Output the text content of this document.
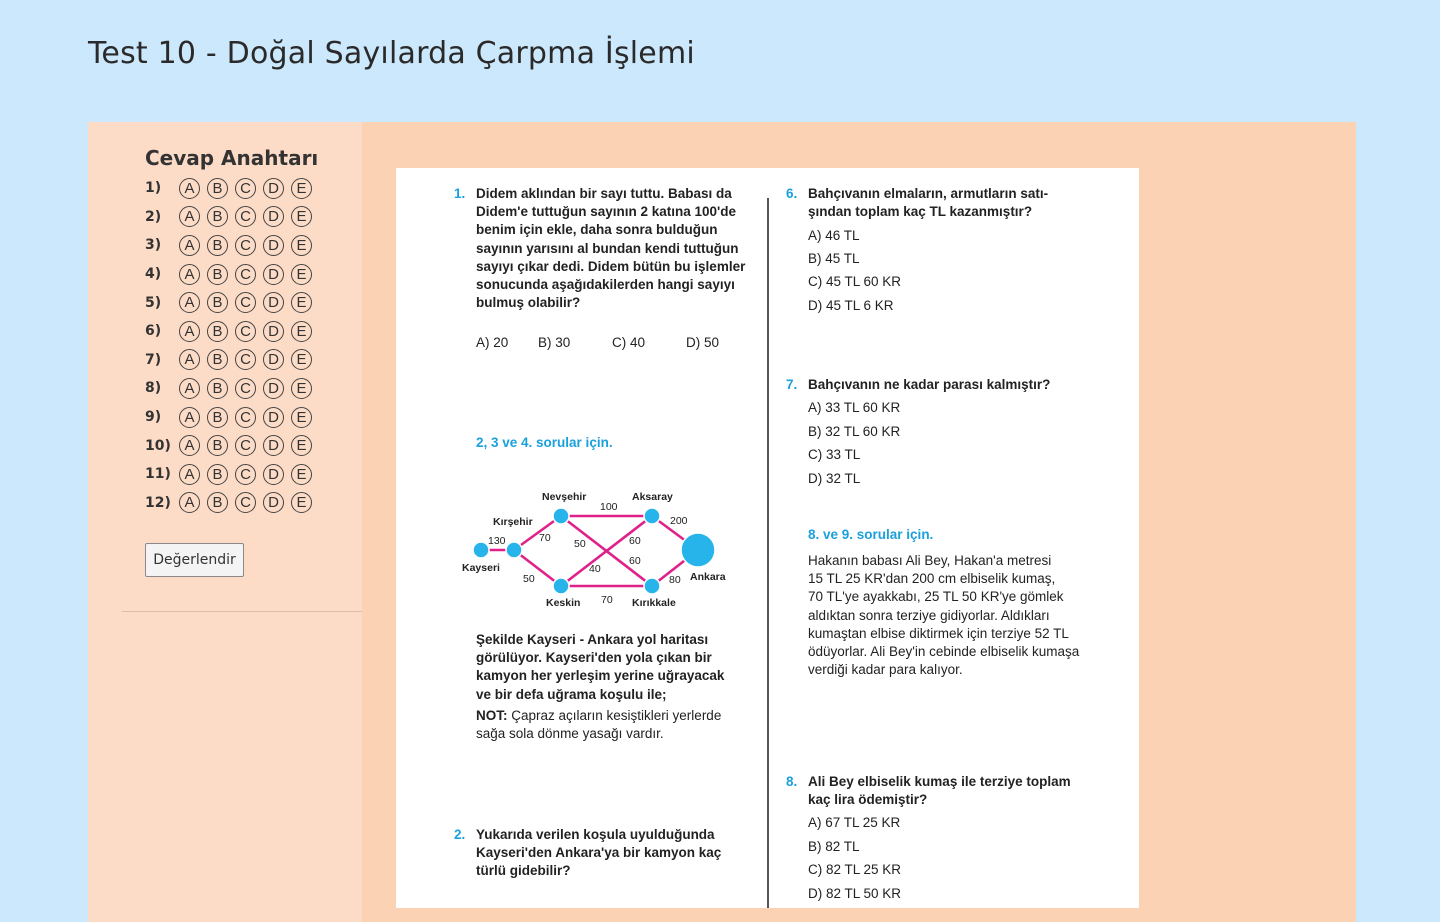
Test 10 - Doğal Sayılarda Çarpma İşlemi
Cevap Anahtarı
1)	A	B	C	D	E
2)	A	B	C	D	E
3)	A	B	C	D	E
4)	A	B	C	D	E
5)	A	B	C	D	E
6)	A	B	C	D	E
7)	A	B	C	D	E
8)	A	B	C	D	E
9)	A	B	C	D	E
10) A	B	C	D	E
11) A	B	C	D	E
12) A	B	C	D	E
Değerlendir
1. Didem aklından bir sayı tuttu. Babası da
Didem'e tuttuğun sayının 2 katına 100'de
benim için ekle, daha sonra bulduğun
sayının yarısını al bundan kendi tuttuğun
sayıyı çıkar dedi. Didem bütün bu işlemler
sonucunda aşağıdakilerden hangi sayıyı
bulmuş olabilir?
A) 20 B) 30	C) 40	D) 50
2, 3 ve 4. sorular için.
Nevşehir	Aksaray
Kırşehir
Kayseri
Keskin	Kırıkkale
Ankara
100
200
130	70 50	60
60
40
50
70
80
Şekilde Kayseri - Ankara yol haritası
görülüyor. Kayseri'den yola çıkan bir
kamyon her yerleşim yerine uğrayacak
ve bir defa uğrama koşulu ile;
NOT: Çapraz açıların kesiştikleri yerlerde
sağa sola dönme yasağı vardır.
2. Yukarıda verilen koşula uyulduğunda
Kayseri'den Ankara'ya bir kamyon kaç
türlü gidebilir?
6. Bahçıvanın elmaların, armutların satı-
şından toplam kaç TL kazanmıştır?
A) 46 TL
B) 45 TL
C) 45 TL 60 KR
D) 45 TL 6 KR
7. Bahçıvanın ne kadar parası kalmıştır?
A) 33 TL 60 KR
B) 32 TL 60 KR
C) 33 TL
D) 32 TL
8. ve 9. sorular için.
Hakanın babası Ali Bey, Hakan'a metresi
15 TL 25 KR'dan 200 cm elbiselik kumaş,
70 TL'ye ayakkabı, 25 TL 50 KR'ye gömlek
aldıktan sonra terziye gidiyorlar. Aldıkları
kumaştan elbise diktirmek için terziye 52 TL
ödüyorlar. Ali Bey'in cebinde elbiselik kumaşa
verdiği kadar para kalıyor.
8. Ali Bey elbiselik kumaş ile terziye toplam
kaç lira ödemiştir?
A) 67 TL 25 KR
B) 82 TL
C) 82 TL 25 KR
D) 82 TL 50 KR
